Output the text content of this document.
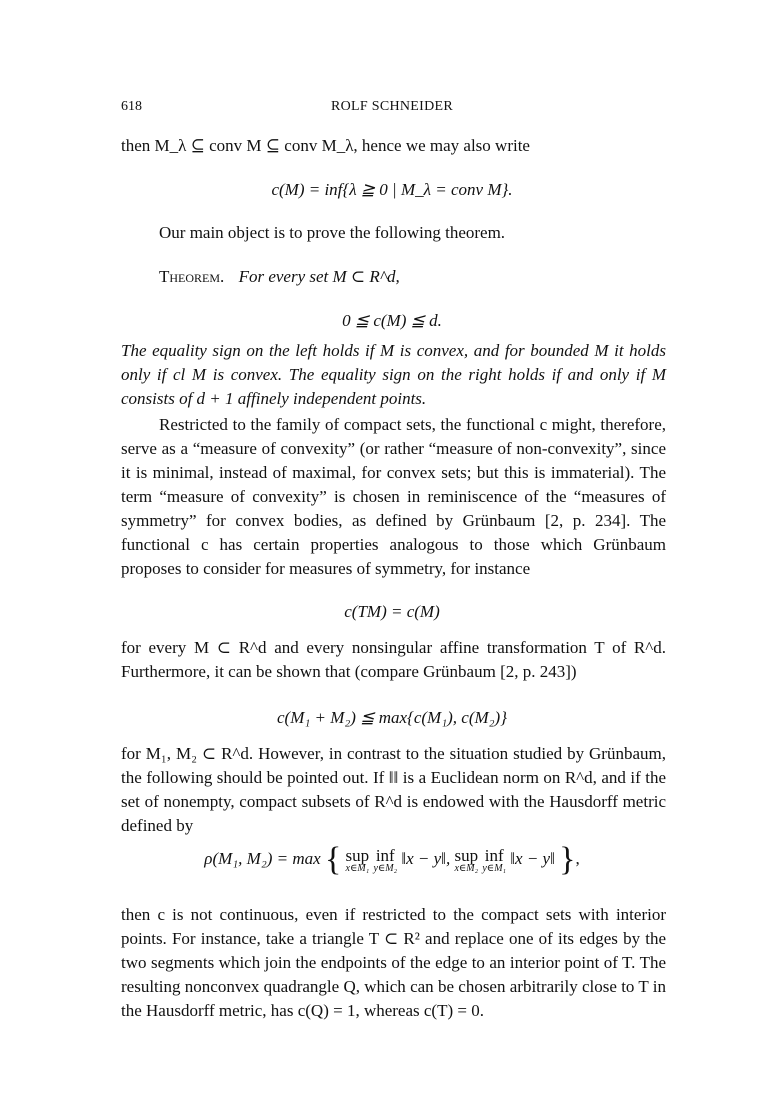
618	ROLF SCHNEIDER
then M_λ ⊆ conv M ⊆ conv M_λ, hence we may also write
c(M) = inf{λ ≧ 0 | M_λ = conv M}.
Our main object is to prove the following theorem.
Theorem. For every set M ⊂ R^d,
0 ≦ c(M) ≦ d.
The equality sign on the left holds if M is convex, and for bounded M it holds only if cl M is convex. The equality sign on the right holds if and only if M consists of d + 1 affinely independent points.
Restricted to the family of compact sets, the functional c might, therefore, serve as a “measure of convexity” (or rather “measure of non-convexity”, since it is minimal, instead of maximal, for convex sets; but this is immaterial). The term “measure of convexity” is chosen in reminiscence of the “measures of symmetry” for convex bodies, as defined by Grünbaum [2, p. 234]. The functional c has certain properties analogous to those which Grünbaum proposes to consider for measures of symmetry, for instance
c(TM) = c(M)
for every M ⊂ R^d and every nonsingular affine transformation T of R^d. Furthermore, it can be shown that (compare Grünbaum [2, p. 243])
c(M₁ + M₂) ≦ max{c(M₁), c(M₂)}
for M₁, M₂ ⊂ R^d. However, in contrast to the situation studied by Grünbaum, the following should be pointed out. If ‖‖ is a Euclidean norm on R^d, and if the set of nonempty, compact subsets of R^d is endowed with the Hausdorff metric defined by
ρ(M₁, M₂) = max { sup
x∈M₁
inf
y∈M₂
‖x − y‖, sup
x∈M₂
inf
y∈M₁
‖x − y‖ },
then c is not continuous, even if restricted to the compact sets with interior points. For instance, take a triangle T ⊂ R² and replace one of its edges by the two segments which join the endpoints of the edge to an interior point of T. The resulting nonconvex quadrangle Q, which can be chosen arbitrarily close to T in the Hausdorff metric, has c(Q) = 1, whereas c(T) = 0.
